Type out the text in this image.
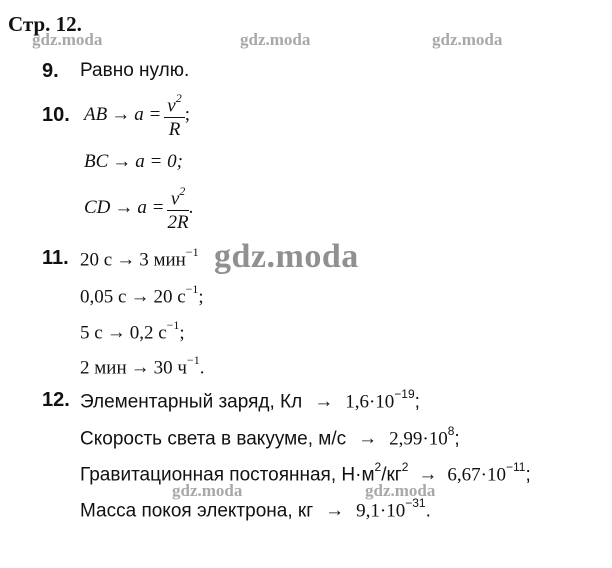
Стр. 12.
gdz.moda	gdz.moda	gdz.moda
gdz.moda	gdz.moda
9. Равно нулю.
10. AB → $a = \frac{v^2}{R}$ ;
BC → a = 0;
CD → $a = \frac{v^2}{2R}$ .
11. 20 с → 3 мин$^{-1}$
0,05 с → 20 $с^{-1}$;
5 с → 0,2 $с^{-1}$;
2 мин → 30 $ч^{-1}$.
gdz.moda
12. Элементарный заряд, Кл → $1,6\cdot 10^{-19}$;
Скорость света в вакууме, $м/с \to 2,99\cdot 10^8$;
Гравитационная постоянная, $Н\cdot м^2/кг^2 \to 6,67\cdot 10^{-11}$;
Масса покоя электрона, кг → $9,1\cdot 10^{-31}$.
